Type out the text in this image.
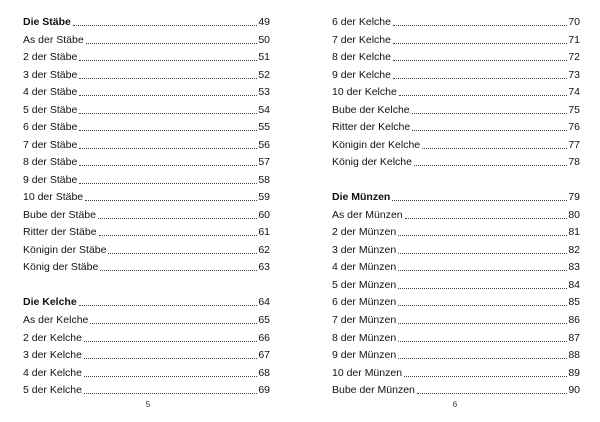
5
Die Stäbe	49
As der Stäbe	50
2 der Stäbe	51
3 der Stäbe	52
4 der Stäbe	53
5 der Stäbe	54
6 der Stäbe	55
7 der Stäbe	56
8 der Stäbe	57
9 der Stäbe	58
10 der Stäbe	59
Bube der Stäbe	60
Ritter der Stäbe	61
Königin der Stäbe	62
König der Stäbe	63
Die Kelche	64
As der Kelche	65
2 der Kelche	66
3 der Kelche	67
4 der Kelche	68
5 der Kelche	69
6
6 der Kelche	70
7 der Kelche	71
8 der Kelche	72
9 der Kelche	73
10 der Kelche	74
Bube der Kelche	75
Ritter der Kelche	76
Königin der Kelche	77
König der Kelche	78
Die Münzen	79
As der Münzen	80
2 der Münzen	81
3 der Münzen	82
4 der Münzen	83
5 der Münzen	84
6 der Münzen	85
7 der Münzen	86
8 der Münzen	87
9 der Münzen	88
10 der Münzen	89
Bube der Münzen	90
